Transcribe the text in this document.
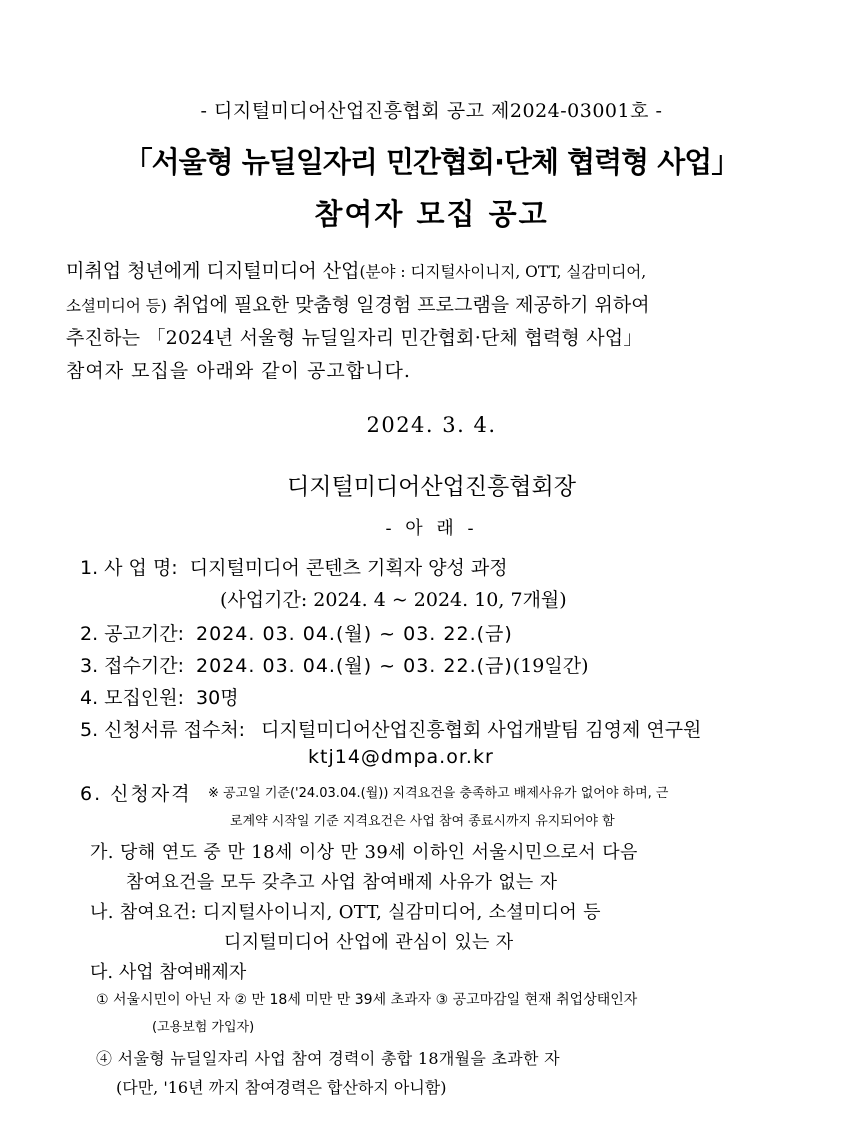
- 디지털미디어산업진흥협회 공고 제2024-03001호 -
「서울형 뉴딜일자리 민간협회·단체 협력형 사업」
참여자 모집 공고
미취업 청년에게 디지털미디어 산업(분야 : 디지털사이니지, OTT, 실감미디어,
소셜미디어 등) 취업에 필요한 맞춤형 일경험 프로그램을 제공하기 위하여
추진하는 「2024년 서울형 뉴딜일자리 민간협회·단체 협력형 사업」
참여자 모집을 아래와 같이 공고합니다.
2024. 3. 4.
디지털미디어산업진흥협회장
- 아 래 -
1. 사 업 명: 디지털미디어 콘텐츠 기획자 양성 과정
(사업기간: 2024. 4 ~ 2024. 10, 7개월)
2. 공고기간: 2024. 03. 04.(월) ~ 03. 22.(금)
3. 접수기간: 2024. 03. 04.(월) ~ 03. 22.(금)(19일간)
4. 모집인원: 30명
5. 신청서류 접수처: 디지털미디어산업진흥협회 사업개발팀 김영제 연구원
ktj14@dmpa.or.kr
6. 신청자격 ※ 공고일 기준('24.03.04.(월)) 지격요건을 충족하고 배제사유가 없어야 하며, 근
로계약 시작일 기준 지격요건은 사업 참여 종료시까지 유지되어야 함
가. 당해 연도 중 만 18세 이상 만 39세 이하인 서울시민으로서 다음
참여요건을 모두 갖추고 사업 참여배제 사유가 없는 자
나. 참여요건: 디지털사이니지, OTT, 실감미디어, 소셜미디어 등
디지털미디어 산업에 관심이 있는 자
다. 사업 참여배제자
① 서울시민이 아닌 자 ② 만 18세 미만 만 39세 초과자 ③ 공고마감일 현재 취업상태인자
(고용보험 가입자)
④ 서울형 뉴딜일자리 사업 참여 경력이 총합 18개월을 초과한 자
(다만, '16년 까지 참여경력은 합산하지 아니함)
